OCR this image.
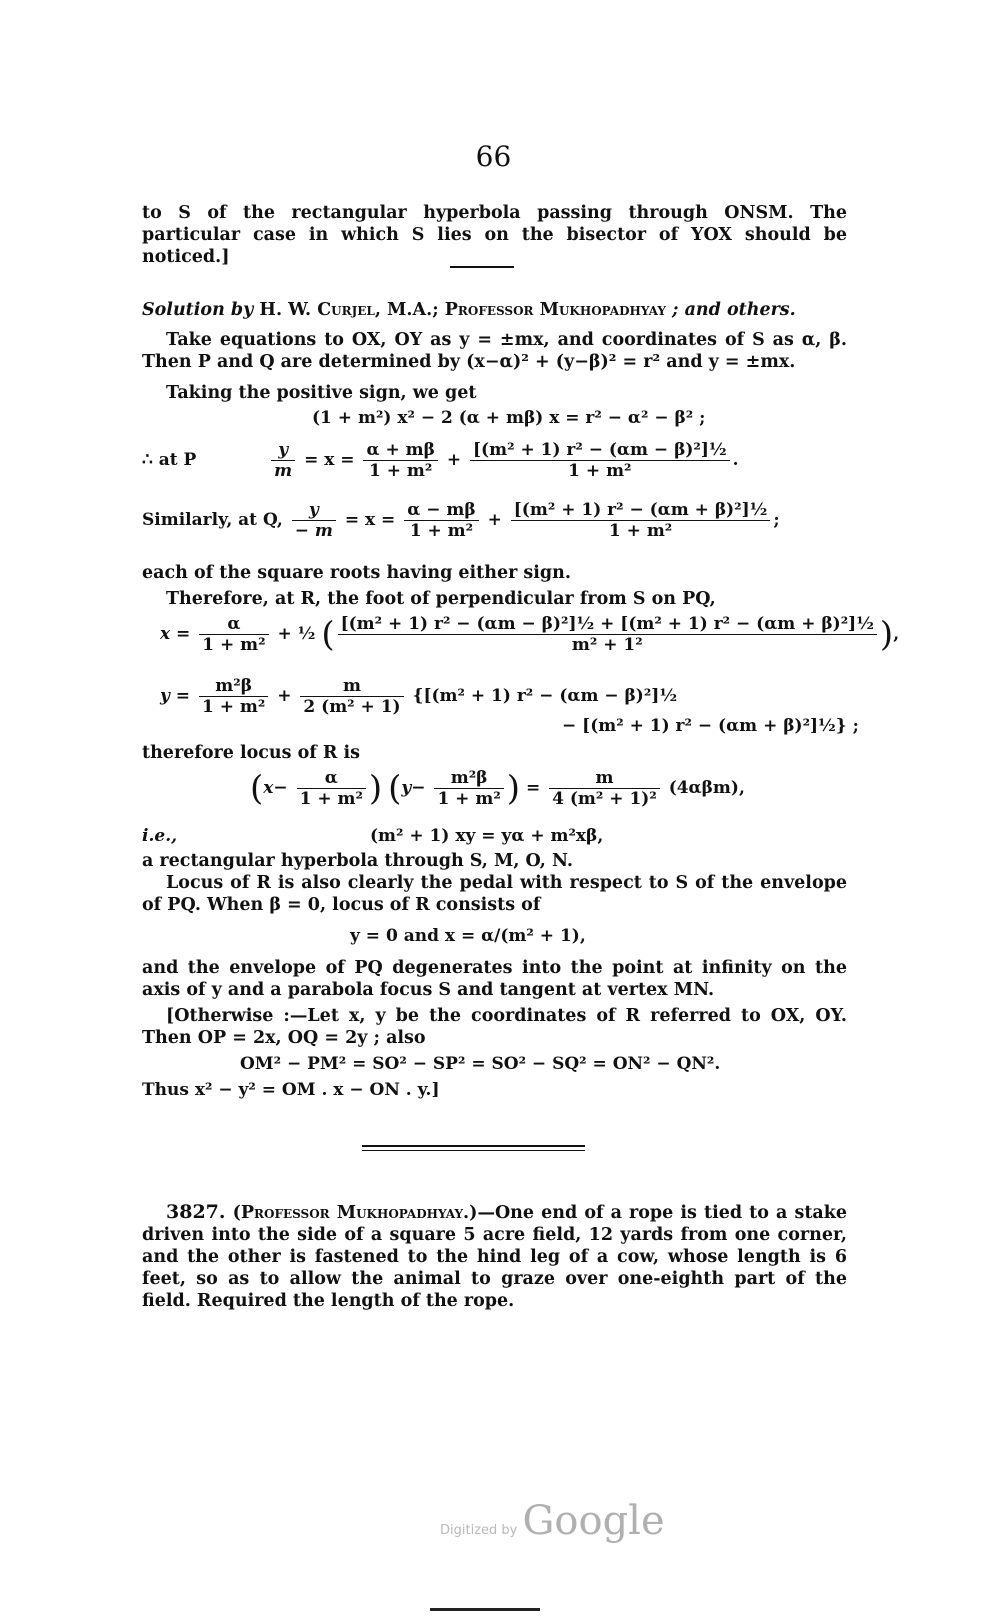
66
to S of the rectangular hyperbola passing through ONSM. The particular case in which S lies on the bisector of YOX should be noticed.]
Solution by H. W. Curjel, M.A.; Professor Mukhopadhyay ; and others.
Take equations to OX, OY as y = ±mx, and coordinates of S as α, β. Then P and Q are determined by (x−α)² + (y−β)² = r² and y = ±mx.
Taking the positive sign, we get
(1 + m²) x² − 2 (α + mβ) x = r² − α² − β² ;
∴ at P	$\frac{y}{m} = x = \frac{\alpha + m\beta}{\text{1 + m²}} + \frac{\text{[(m² + 1) r² − (αm − β)²]½}}{\text{1 + m²}}$ .
Similarly, at Q, $\frac{y}{- m} = x = \frac{\alpha - m\beta}{\text{1 + m²}} + \frac{\text{[(m² + 1) r² − (αm + β)²]½}}{\text{1 + m²}}$ ;
each of the square roots having either sign.
Therefore, at R, the foot of perpendicular from S on PQ,
$x = \frac{\alpha}{\text{1 + m²}}$ + ½ ( $\frac{\text{[(m² + 1) r² − (αm − β)²]½ + [(m² + 1) r² − (αm + β)²]½}}{\text{m² + 1²}}$ ),
$y = \frac{\text{m²β}}{\text{1 + m²}} + \frac{m}{\text{2 (m² + 1)}} \{[(m^2 + 1) r^2 - (\alpha m$ − β)²]½
− [(m² + 1) r² − (αm + β)²]½} ;
therefore locus of R is
($x- \frac{\alpha}{\text{1 + m²}}$ ) ($y- \frac{\text{m²β}}{\text{1 + m²}}$ ) = $\frac{m}{\text{4 (m² + 1)²}} (4\alpha\beta m)$,
i.e.,	(m² + 1) xy = yα + m²xβ,
a rectangular hyperbola through S, M, O, N.
Locus of R is also clearly the pedal with respect to S of the envelope of PQ. When β = 0, locus of R consists of
y = 0 and x = α/(m² + 1),
and the envelope of PQ degenerates into the point at infinity on the axis of y and a parabola focus S and tangent at vertex MN.
[Otherwise :—Let x, y be the coordinates of R referred to OX, OY. Then OP = 2x, OQ = 2y ; also
OM² − PM² = SO² − SP² = SO² − SQ² = ON² − QN².
Thus x² − y² = OM . x − ON . y.]
3827. (Professor Mukhopadhyay.)—One end of a rope is tied to a stake driven into the side of a square 5 acre field, 12 yards from one corner, and the other is fastened to the hind leg of a cow, whose length is 6 feet, so as to allow the animal to graze over one-eighth part of the field. Required the length of the rope.
Digitized by Google
